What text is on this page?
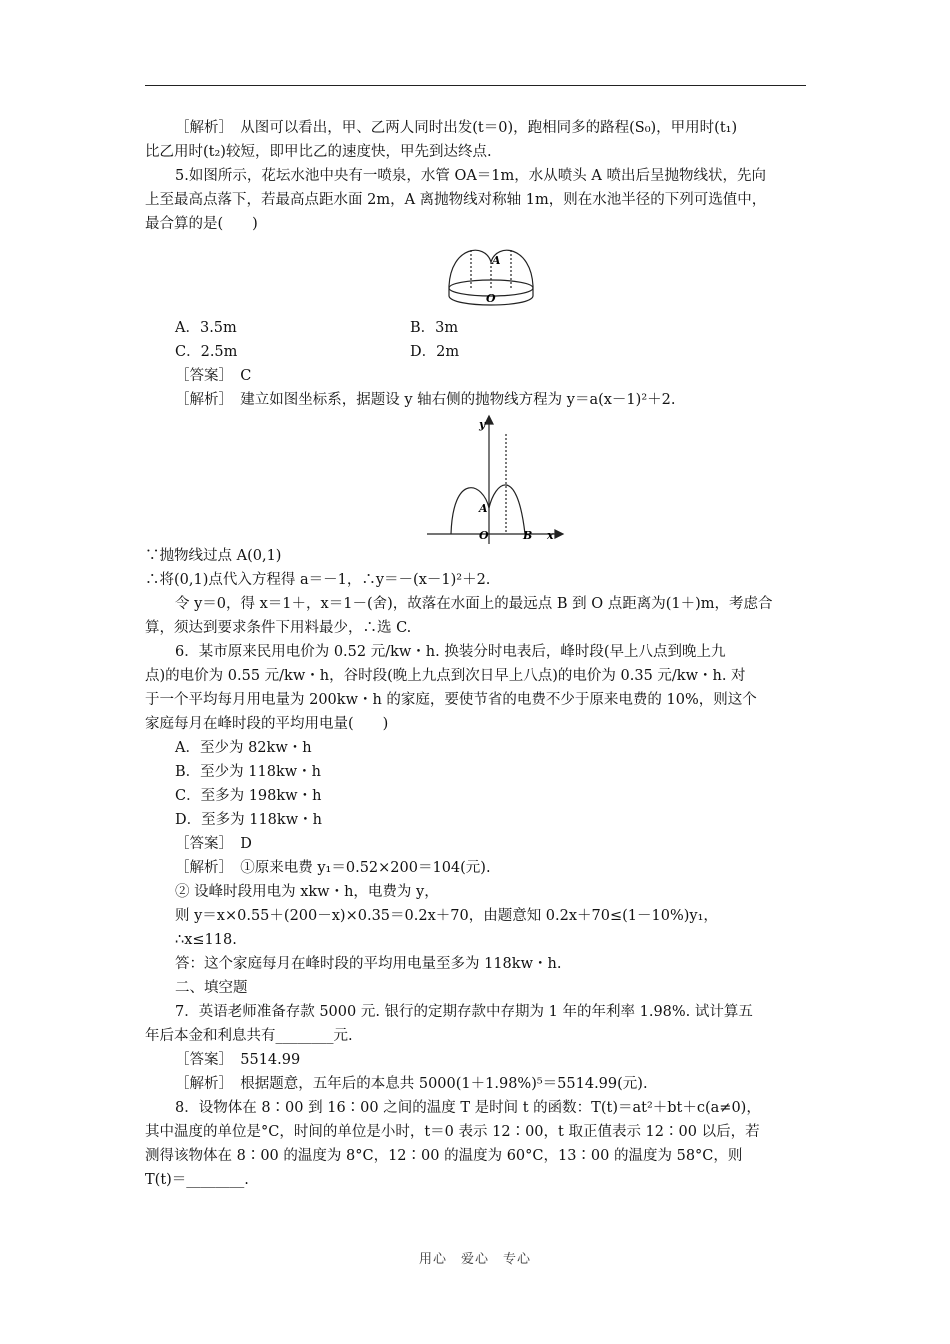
［解析］　从图可以看出，甲、乙两人同时出发(t＝0)，跑相同多的路程(S₀)，甲用时(t₁)
比乙用时(t₂)较短，即甲比乙的速度快，甲先到达终点.
5.如图所示，花坛水池中央有一喷泉，水管 OA＝1m，水从喷头 A 喷出后呈抛物线状，先向
上至最高点落下，若最高点距水面 2m，A 离抛物线对称轴 1m，则在水池半径的下列可选值中，
最合算的是(　　)
A
O
A．3.5m	B．3m
C．2.5m	D．2m
［答案］　C
［解析］　建立如图坐标系，据题设 y 轴右侧的抛物线方程为 y＝a(x－1)²＋2.
y
A
O	B x
∵抛物线过点 A(0,1)
∴将(0,1)点代入方程得 a＝－1，∴y＝－(x－1)²＋2.
令 y＝0，得 x＝1＋，x＝1－(舍)，故落在水面上的最远点 B 到 O 点距离为(1＋)m，考虑合
算，须达到要求条件下用料最少，∴选 C.
6．某市原来民用电价为 0.52 元/kw・h. 换装分时电表后，峰时段(早上八点到晚上九
点)的电价为 0.55 元/kw・h，谷时段(晚上九点到次日早上八点)的电价为 0.35 元/kw・h. 对
于一个平均每月用电量为 200kw・h 的家庭，要使节省的电费不少于原来电费的 10%，则这个
家庭每月在峰时段的平均用电量(　　)
A．至少为 82kw・h
B．至少为 118kw・h
C．至多为 198kw・h
D．至多为 118kw・h
［答案］　D
［解析］　①原来电费 y₁＝0.52×200＝104(元).
② 设峰时段用电为 xkw・h，电费为 y，
则 y＝x×0.55＋(200－x)×0.35＝0.2x＋70，由题意知 0.2x＋70≤(1－10%)y₁，
∴x≤118.
答：这个家庭每月在峰时段的平均用电量至多为 118kw・h.
二、填空题
7．英语老师准备存款 5000 元. 银行的定期存款中存期为 1 年的年利率 1.98%. 试计算五
年后本金和利息共有________元.
［答案］　5514.99
［解析］　根据题意，五年后的本息共 5000(1＋1.98%)⁵＝5514.99(元).
8．设物体在 8∶00 到 16∶00 之间的温度 T 是时间 t 的函数：T(t)＝at²＋bt＋c(a≠0)，
其中温度的单位是°C，时间的单位是小时，t＝0 表示 12∶00，t 取正值表示 12∶00 以后，若
测得该物体在 8∶00 的温度为 8°C，12∶00 的温度为 60°C，13∶00 的温度为 58°C，则
T(t)＝________.
用心　爱心　专心
